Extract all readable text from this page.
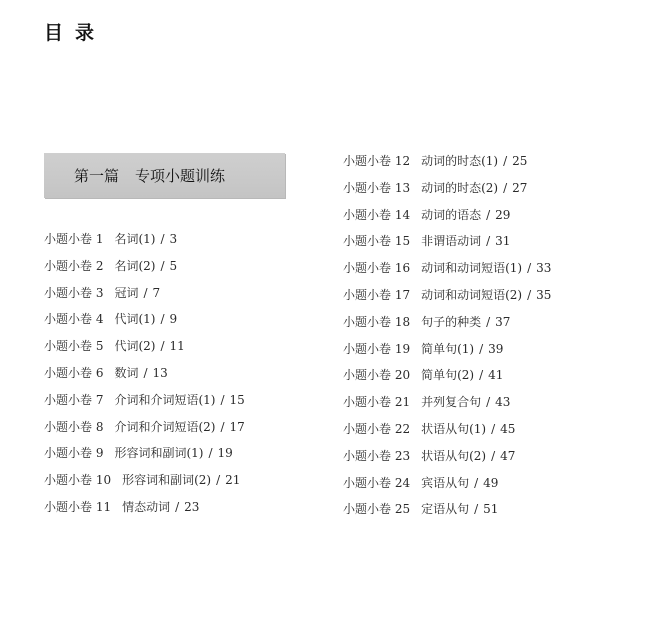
目录
第一篇 专项小题训练
小题小卷 1 名词(1) / 3
小题小卷 2 名词(2) / 5
小题小卷 3 冠词 / 7
小题小卷 4 代词(1) / 9
小题小卷 5 代词(2) / 11
小题小卷 6 数词 / 13
小题小卷 7 介词和介词短语(1) / 15
小题小卷 8 介词和介词短语(2) / 17
小题小卷 9 形容词和副词(1) / 19
小题小卷 10 形容词和副词(2) / 21
小题小卷 11 情态动词 / 23
小题小卷 12 动词的时态(1) / 25
小题小卷 13 动词的时态(2) / 27
小题小卷 14 动词的语态 / 29
小题小卷 15 非谓语动词 / 31
小题小卷 16 动词和动词短语(1) / 33
小题小卷 17 动词和动词短语(2) / 35
小题小卷 18 句子的种类 / 37
小题小卷 19 简单句(1) / 39
小题小卷 20 简单句(2) / 41
小题小卷 21 并列复合句 / 43
小题小卷 22 状语从句(1) / 45
小题小卷 23 状语从句(2) / 47
小题小卷 24 宾语从句 / 49
小题小卷 25 定语从句 / 51
